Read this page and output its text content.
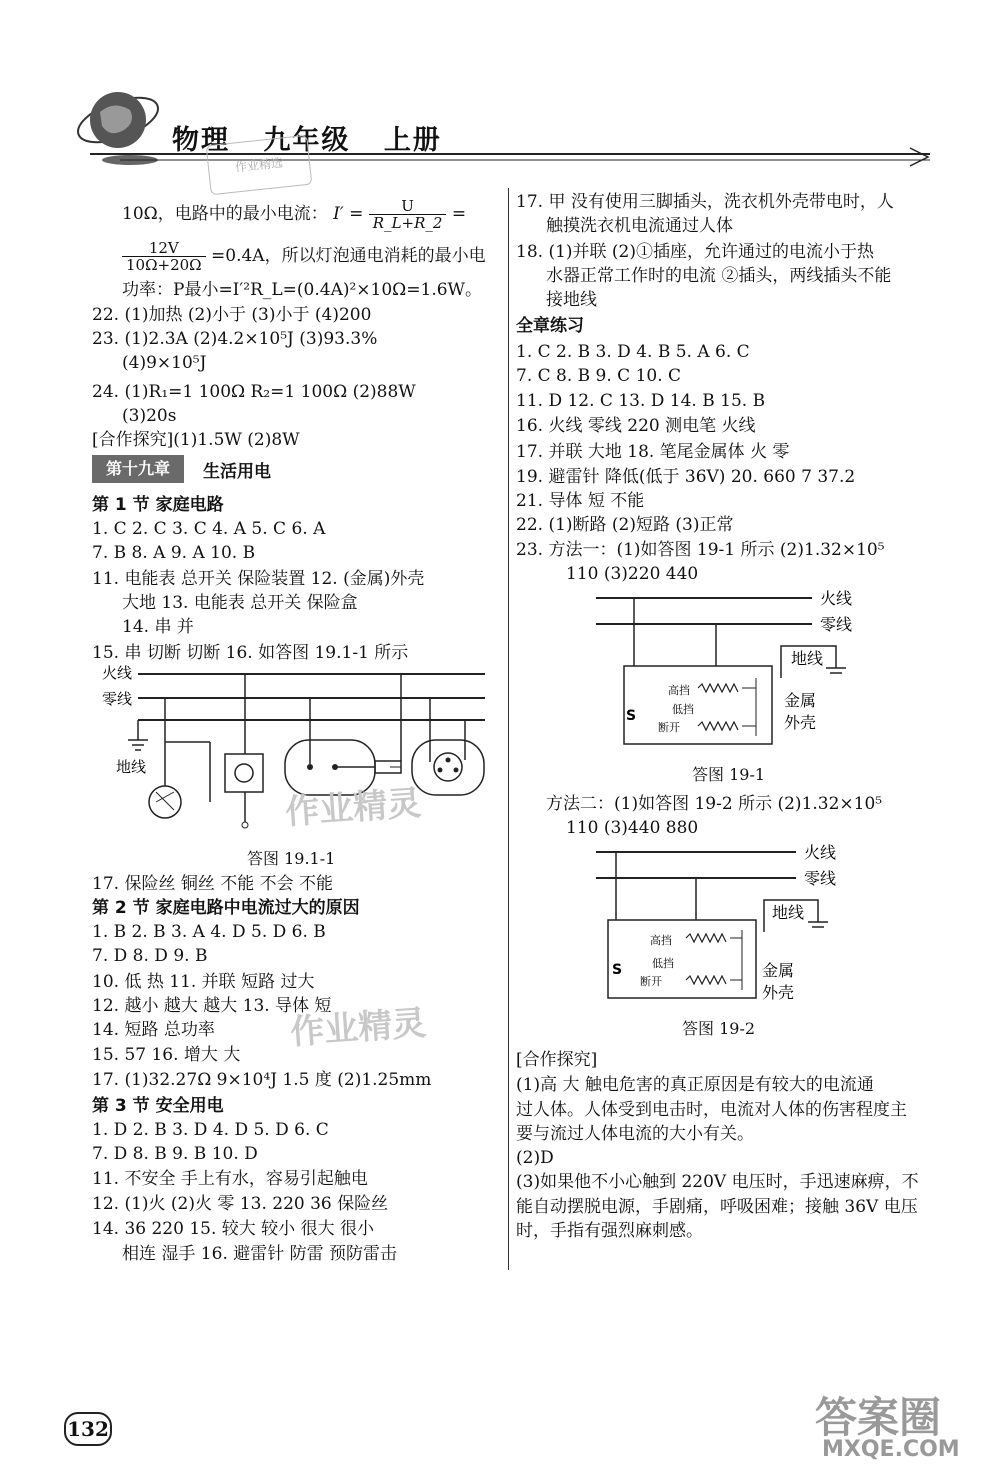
物理 九年级 上册
作业精选
10Ω，电路中的最小电流： $I' = \frac{U}{R\_L+R\_2}$ =
$\frac{12V}{10\Omega+20\Omega} =0.4A$，所以灯泡通电消耗的最小电
功率：P最小=I′²R_L=(0.4A)²×10Ω=1.6W。
22. (1)加热 (2)小于 (3)小于 (4)200
23. (1)2.3A (2)4.2×10⁵J (3)93.3%
(4)9×10⁵J
24. (1)R₁=1 100Ω R₂=1 100Ω (2)88W
(3)20s
[合作探究](1)1.5W (2)8W
第十九章	生活用电
第 1 节 家庭电路
1. C 2. C 3. C 4. A 5. C 6. A
7. B 8. A 9. A 10. B
11. 电能表 总开关 保险装置 12. (金属)外壳
大地 13. 电能表 总开关 保险盒
14. 串 并
15. 串 切断 切断 16. 如答图 19.1-1 所示
火线
零线
地线
答图 19.1-1
作业精灵
17. 保险丝 铜丝 不能 不会 不能
第 2 节 家庭电路中电流过大的原因
1. B 2. B 3. A 4. D 5. D 6. B
7. D 8. D 9. B
10. 低 热 11. 并联 短路 过大
12. 越小 越大 越大 13. 导体 短
14. 短路 总功率
15. 57 16. 增大 大
17. (1)32.27Ω 9×10⁴J 1.5 度 (2)1.25mm
作业精灵
第 3 节 安全用电
1. D 2. B 3. D 4. D 5. D 6. C
7. D 8. B 9. B 10. D
11. 不安全 手上有水，容易引起触电
12. (1)火 (2)火 零 13. 220 36 保险丝
14. 36 220 15. 较大 较小 很大 很小
相连 湿手 16. 避雷针 防雷 预防雷击
17. 甲 没有使用三脚插头，洗衣机外壳带电时，人
触摸洗衣机电流通过人体
18. (1)并联 (2)①插座，允许通过的电流小于热
水器正常工作时的电流 ②插头，两线插头不能
接地线
全章练习
1. C 2. B 3. D 4. B 5. A 6. C
7. C 8. B 9. C 10. C
11. D 12. C 13. D 14. B 15. B
16. 火线 零线 220 测电笔 火线
17. 并联 大地 18. 笔尾金属体 火 零
19. 避雷针 降低(低于 36V) 20. 660 7 37.2
21. 导体 短 不能
22. (1)断路 (2)短路 (3)正常
23. 方法一：(1)如答图 19-1 所示 (2)1.32×10⁵
110 (3)220 440
火线
零线
地线
S
高挡
低挡
断开
金属
外壳
答图 19-1
方法二：(1)如答图 19-2 所示 (2)1.32×10⁵
110 (3)440 880
火线
零线
地线
S
高挡
低挡
断开
金属
外壳
答图 19-2
[合作探究]
(1)高 大 触电危害的真正原因是有较大的电流通
过人体。人体受到电击时，电流对人体的伤害程度主
要与流过人体电流的大小有关。
(2)D
(3)如果他不小心触到 220V 电压时，手迅速麻痹，不
能自动摆脱电源，手剧痛，呼吸困难；接触 36V 电压
时，手指有强烈麻刺感。
132	答案圈
MXQE.COM
